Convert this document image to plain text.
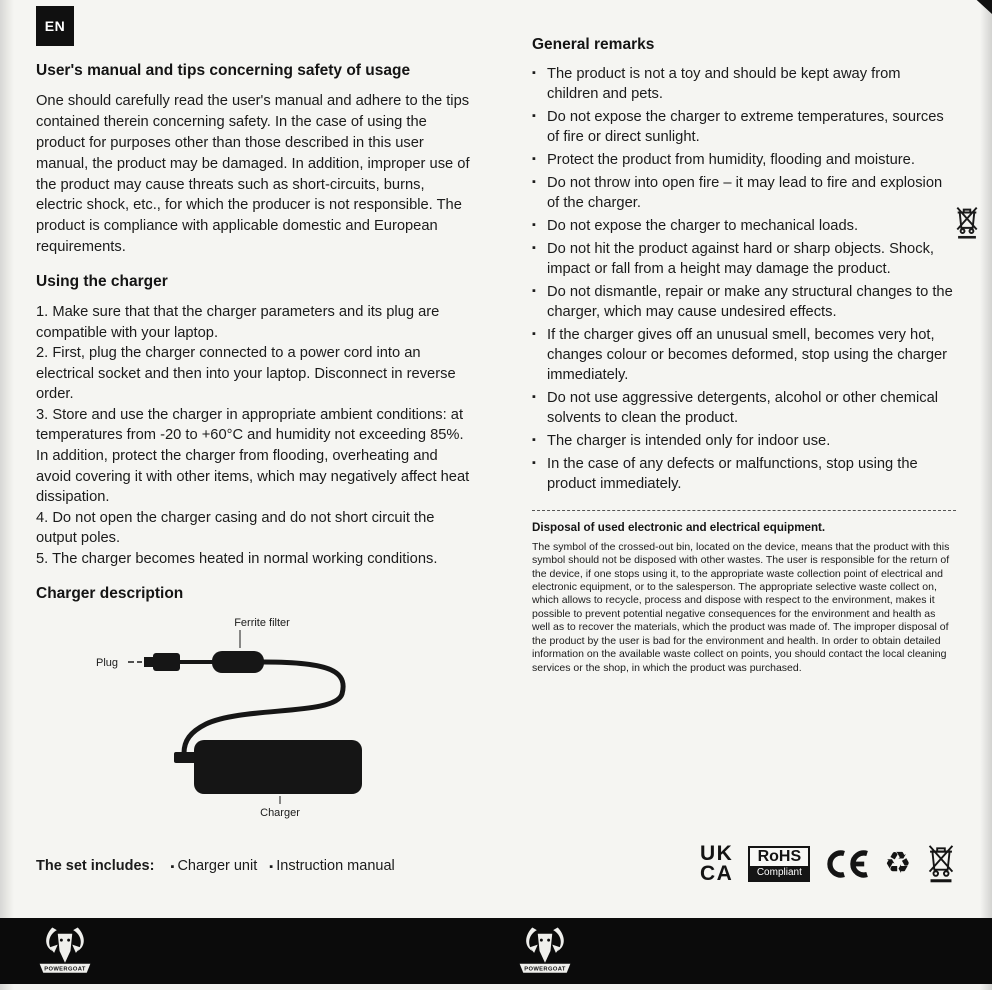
EN
User's manual and tips concerning safety of usage

One should carefully read the user's manual and adhere to the tips contained therein concerning safety. In the case of using the product for purposes other than those described in this user manual, the product may be damaged. In addition, improper use of the product may cause threats such as short-circuits, burns, electric shock, etc., for which the producer is not responsible. The product is compliance with applicable domestic and European requirements.

Using the charger

1. Make sure that that the charger parameters and its plug are compatible with your laptop.

2. First, plug the charger connected to a power cord into an electrical socket and then into your laptop. Disconnect in reverse order.

3. Store and use the charger in appropriate ambient conditions: at temperatures from -20 to +60°C and humidity not exceeding 85%. In addition, protect the charger from flooding, overheating and avoid covering it with other items, which may negatively affect heat dissipation.

4. Do not open the charger casing and do not short circuit the output poles.

5. The charger becomes heated in normal working conditions.

Charger description
Ferrite filter
Plug
Charger
General remarks
▪ The product is not a toy and should be kept away from children and pets.
▪ Do not expose the charger to extreme temperatures, sources of fire or direct sunlight.
▪ Protect the product from humidity, flooding and moisture.
▪ Do not throw into open fire – it may lead to fire and explosion of the charger.
▪ Do not expose the charger to mechanical loads.
▪ Do not hit the product against hard or sharp objects. Shock, impact or fall from a height may damage the product.
▪ Do not dismantle, repair or make any structural changes to the charger, which may cause undesired effects.
▪ If the charger gives off an unusual smell, becomes very hot, changes colour or becomes deformed, stop using the charger immediately.
▪ Do not use aggressive detergents, alcohol or other chemical solvents to clean the product.
▪ The charger is intended only for indoor use.
▪ In the case of any defects or malfunctions, stop using the product immediately.
Disposal of used electronic and electrical equipment.

The symbol of the crossed-out bin, located on the device, means that the product with this symbol should not be disposed with other wastes. The user is responsible for the return of the device, if one stops using it, to the appropriate waste collection point of electrical and electronic equipment, or to the salesperson. The appropriate selective waste collect on, which allows to recycle, process and dispose with respect to the environment, makes it possible to prevent potential negative consequences for the environment and health as well as to recover the materials, which the product was made of. The improper disposal of the product by the user is bad for the environment and health. In order to obtain detailed information on the available waste collect on points, you should contact the local cleaning services or the shop, in which the product was purchased.

The set includes: ▪ Charger unit ▪ Instruction manual
UK
CA
RoHS
Compliant	♻
POWERGOAT	POWERGOAT
